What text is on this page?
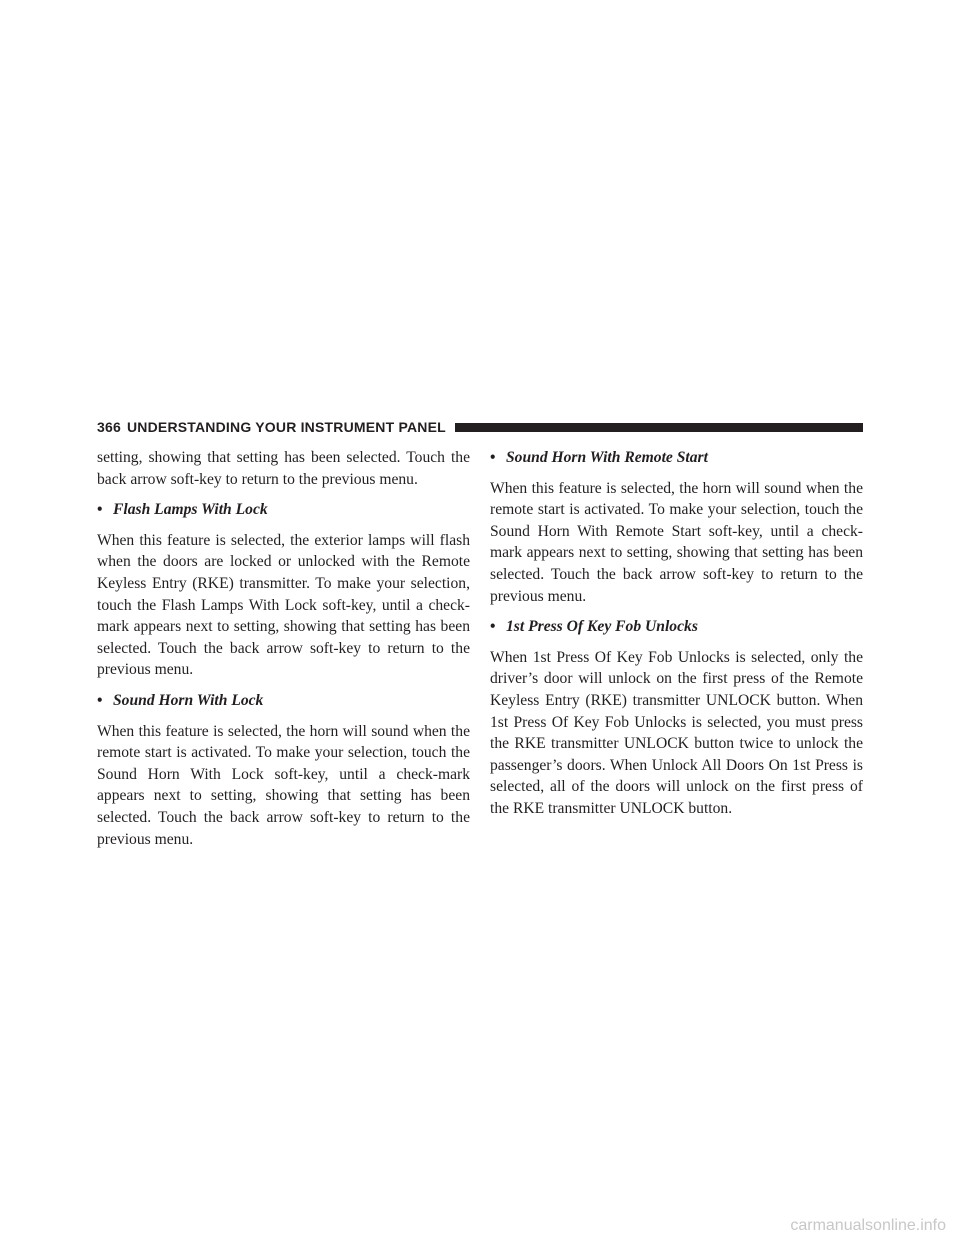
366 UNDERSTANDING YOUR INSTRUMENT PANEL

setting, showing that setting has been selected. Touch the back arrow soft-key to return to the previous menu.

• Flash Lamps With Lock

When this feature is selected, the exterior lamps will flash when the doors are locked or unlocked with the Remote Keyless Entry (RKE) transmitter. To make your selection, touch the Flash Lamps With Lock soft-key, until a check-mark appears next to setting, showing that setting has been selected. Touch the back arrow soft-key to return to the previous menu.

• Sound Horn With Lock

When this feature is selected, the horn will sound when the remote start is activated. To make your selection, touch the Sound Horn With Lock soft-key, until a check-mark appears next to setting, showing that setting has been selected. Touch the back arrow soft-key to return to the previous menu.

• Sound Horn With Remote Start

When this feature is selected, the horn will sound when the remote start is activated. To make your selection, touch the Sound Horn With Remote Start soft-key, until a check-mark appears next to setting, showing that setting has been selected. Touch the back arrow soft-key to return to the previous menu.

• 1st Press Of Key Fob Unlocks

When 1st Press Of Key Fob Unlocks is selected, only the driver’s door will unlock on the first press of the Remote Keyless Entry (RKE) transmitter UNLOCK button. When 1st Press Of Key Fob Unlocks is selected, you must press the RKE transmitter UNLOCK button twice to unlock the passenger’s doors. When Unlock All Doors On 1st Press is selected, all of the doors will unlock on the first press of the RKE transmitter UNLOCK button.

carmanualsonline.info
